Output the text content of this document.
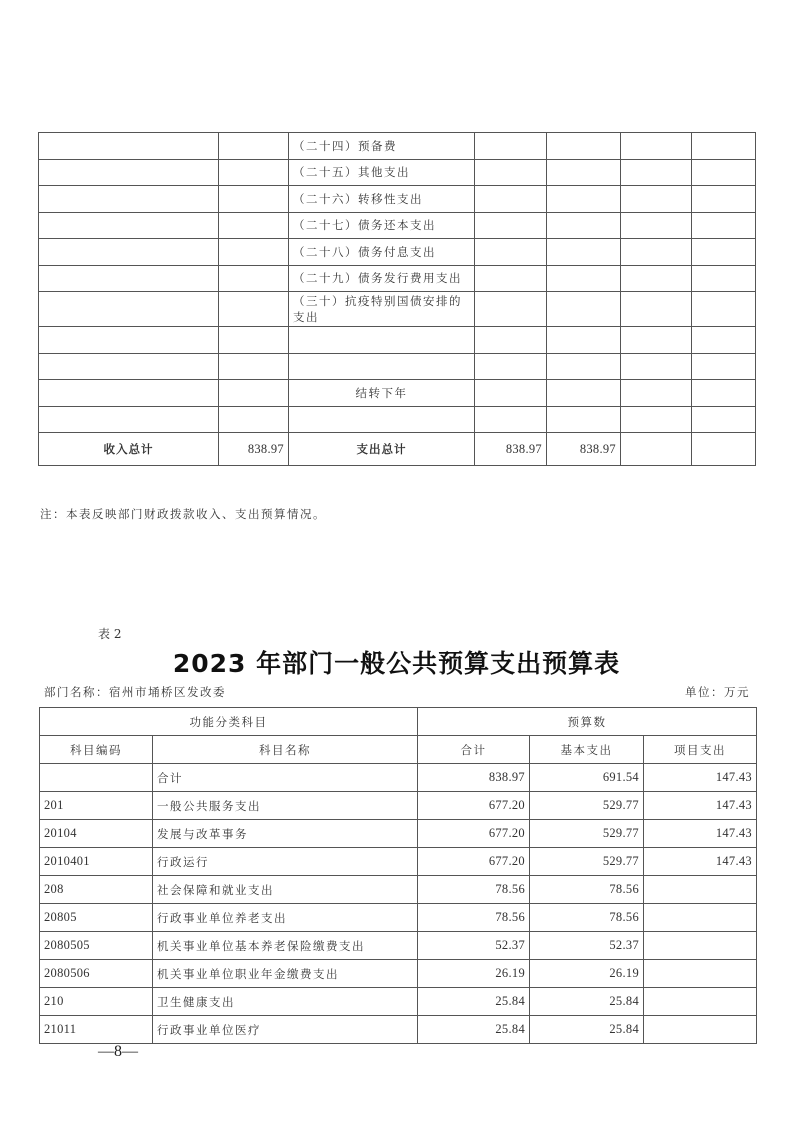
		（二十四）预备费				
		（二十五）其他支出				
		（二十六）转移性支出				
		（二十七）债务还本支出				
		（二十八）债务付息支出				
		（二十九）债务发行费用支出				
		（三十）抗疫特别国债安排的支出				

		结转下年				

收入总计	838.97	支出总计	838.97	838.97		
注：本表反映部门财政拨款收入、支出预算情况。
表 2
2023 年部门一般公共预算支出预算表
部门名称：宿州市埇桥区发改委	单位：万元
功能分类科目		预算数		
科目编码	科目名称	合计	基本支出	项目支出
	合计	838.97	691.54	147.43
201	一般公共服务支出	677.20	529.77	147.43
20104	发展与改革事务	677.20	529.77	147.43
2010401	行政运行	677.20	529.77	147.43
208	社会保障和就业支出	78.56	78.56	
20805	行政事业单位养老支出	78.56	78.56	
2080505	机关事业单位基本养老保险缴费支出	52.37	52.37	
2080506	机关事业单位职业年金缴费支出	26.19	26.19	
210	卫生健康支出	25.84	25.84	
21011	行政事业单位医疗	25.84	25.84	
—8—
